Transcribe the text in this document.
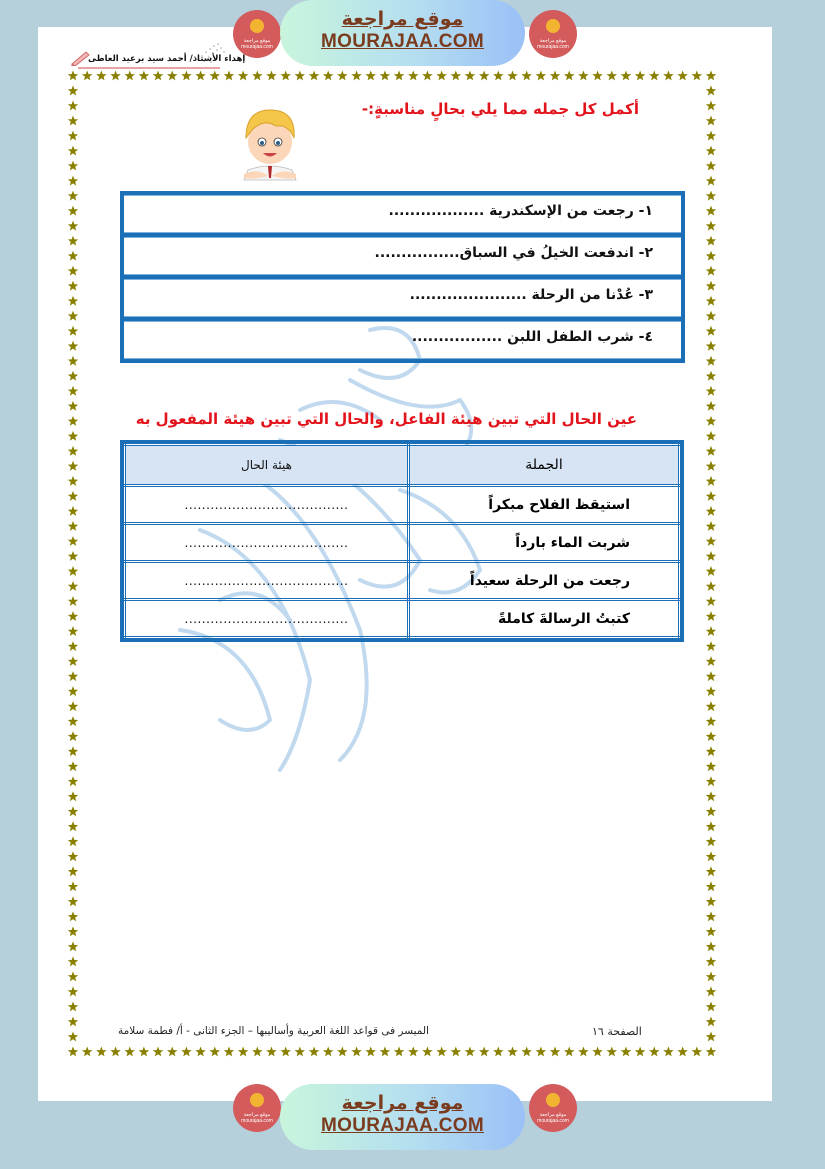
موقع مراجعة mourajaa.com
موقع مراجعة
MOURAJAA.COM	موقع مراجعة mourajaa.com
إهداء الأستاذ/ أحمد سيد برعيد العاطى
أكمل كل جمله مما يلي بحالٍ مناسبةٍ:-
١- رجعت من الإسكندرية ..................
٢- اندفعت الخيلُ في السباق................
٣- عُدْنا من الرحلة ......................
٤- شرب الطفل اللبن .................
عين الحال التي تبين هيئة الفاعل، والحال التي تبين هيئة المفعول به
هيئة الحال	الجملة
......................................	استيقظ الفلاح مبكراً
......................................	شربت الماء بارداً
......................................	رجعت من الرحلة سعيداً
......................................	كتبتُ الرسالةَ كاملةً
الميسر فى قواعد اللغة العربية وأساليبها – الجزء الثانى - أ/ فطمة سلامة	الصفحة ١٦
موقع مراجعة mourajaa.com
موقع مراجعة
MOURAJAA.COM	موقع مراجعة mourajaa.com
